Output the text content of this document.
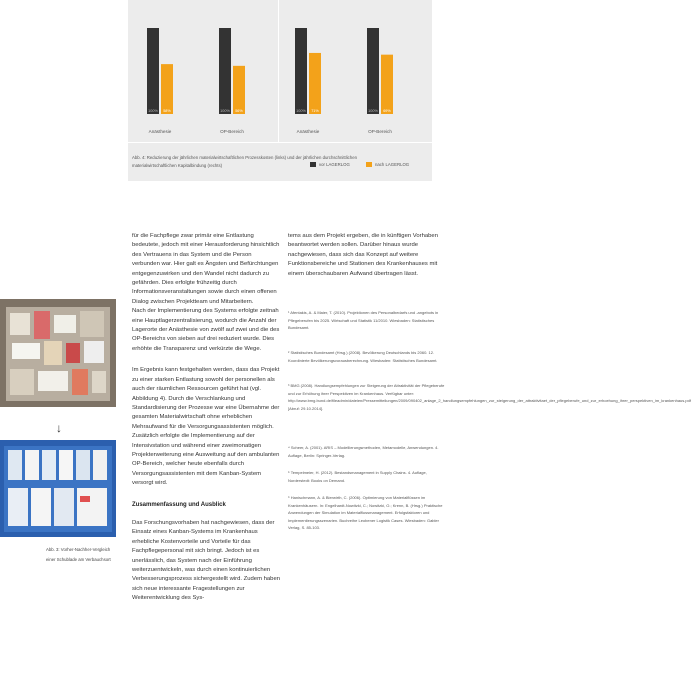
100% 58%
Anästhesie
100% 56%
OP-Bereich
100% 71%
Anästhesie
100% 69%
OP-Bereich
Abb. 4: Reduzierung der jährlichen materialwirtschaftlichen Prozesskosten (links) und der jährlichen durchschnittlichen
materialwirtschaftlichen Kapitalbindung (rechts)	vor LAGERLOG	nach LAGERLOG
↓
Abb. 3: Vorher-Nachher-Vergleich
einer Schublade am Verbauchsort

für die Fachpflege zwar primär eine Entlastung bedeutete, jedoch mit einer Herausforderung hinsichtlich des Vertrauens in das System und die Person verbunden war. Hier galt es Ängsten und Befürchtungen entgegenzuwirken und den Wandel nicht dadurch zu gefährden. Dies erfolgte frühzeitig durch Informationsveranstaltungen sowie durch einen offenen Dialog zwischen Projektteam und Mitarbeitern.

Nach der Implementierung des Systems erfolgte zeitnah eine Hauptlagerzentralisierung, wodurch die Anzahl der Lagerorte der Anästhesie von zwölf auf zwei und die des OP-Bereichs von sieben auf drei reduziert wurde. Dies erhöhte die Transparenz und verkürzte die Wege.

Im Ergebnis kann festgehalten werden, dass das Projekt zu einer starken Entlastung sowohl der personellen als auch der räumlichen Ressourcen geführt hat (vgl. Abbildung 4). Durch die Verschlankung und Standardisierung der Prozesse war eine Übernahme der gesamten Materialwirtschaft ohne erheblichen Mehraufwand für die Versorgungsassistenten möglich. Zusätzlich erfolgte die Implementierung auf der Intensivstation und während einer zweimonatigen Projekterweiterung eine Ausweitung auf den ambulanten OP-Bereich, welcher heute ebenfalls durch Versorgungsassistenten mit dem Kanban-System versorgt wird.

Zusammenfassung und Ausblick

Das Forschungsvorhaben hat nachgewiesen, dass der Einsatz eines Kanban-Systems im Krankenhaus erhebliche Kostenvorteile und Vorteile für das Fachpflegepersonal mit sich bringt. Jedoch ist es unerlässlich, das System nach der Einführung weiterzuentwickeln, was durch einen kontinuierlichen Verbesserungsprozess sichergestellt wird. Zudem haben sich neue interessante Fragestellungen zur Weiterentwicklung des Sys-

tems aus dem Projekt ergeben, die in künftigen Vorhaben beantwortet werden sollen. Darüber hinaus wurde nachgewiesen, dass sich das Konzept auf weitere Funktionsbereiche und Stationen des Krankenhauses mit einem überschaubaren Aufwand übertragen lässt.

¹ Afentakis, A. & Maier, T. (2010). Projektionen des Personalbedarfs und -angebots in Pflegeberufen bis 2025. Wirtschaft und Statistik 11/2010. Wiesbaden: Statistisches Bundesamt.
² Statistisches Bundesamt (Hrsg.) (2008). Bevölkerung Deutschlands bis 2060. 12. Koordinierte Bevölkerungsvorausberechnung. Wiesbaden: Statistisches Bundesamt.
³ BMG (2008). Handlungsempfehlungen zur Steigerung der Attraktivität der Pflegeberufe und zur Erhöhung ihrer Perspektiven im Krankenhaus. Verfügbar unter: http://www.bmg.bund.de/fileadmin/dateien/Pressemitteilungen/2009/090402_anlage_2_handlungsempfehlungen_zur_steigerung_der_attraktivitaet_der_pflegeberufe_und_zur_erhoehung_ihrer_perspektiven_im_krankenhaus.pdf [Abruf: 29.10.2014].
⁴ Scheer, A. (2001). ARIS – Modellierungsmethoden, Metamodelle, Anwendungen. 4. Auflage, Berlin: Springer-Verlag.
⁵ Tempelmeier, H. (2012). Bestandsmanagement in Supply Chains. 4. Auflage, Norderstedt: Books on Demand.
⁶ Hanischmann, A. & Bierwirth, C. (2006). Optimierung von Materialflüssen im Krankenhäusern. In: Engelhardt-Nowitzki, C.; Nowitzki, O.; Krenn, B. (Hrsg.) Praktische Anwendungen der Simulation im Materialflussmanagement. Erfolgsfaktoren und Implementierungsszenarien. Buchreihe Leobener Logistik Cases. Wiesbaden: Gabler Verlag, S. 85-103.
